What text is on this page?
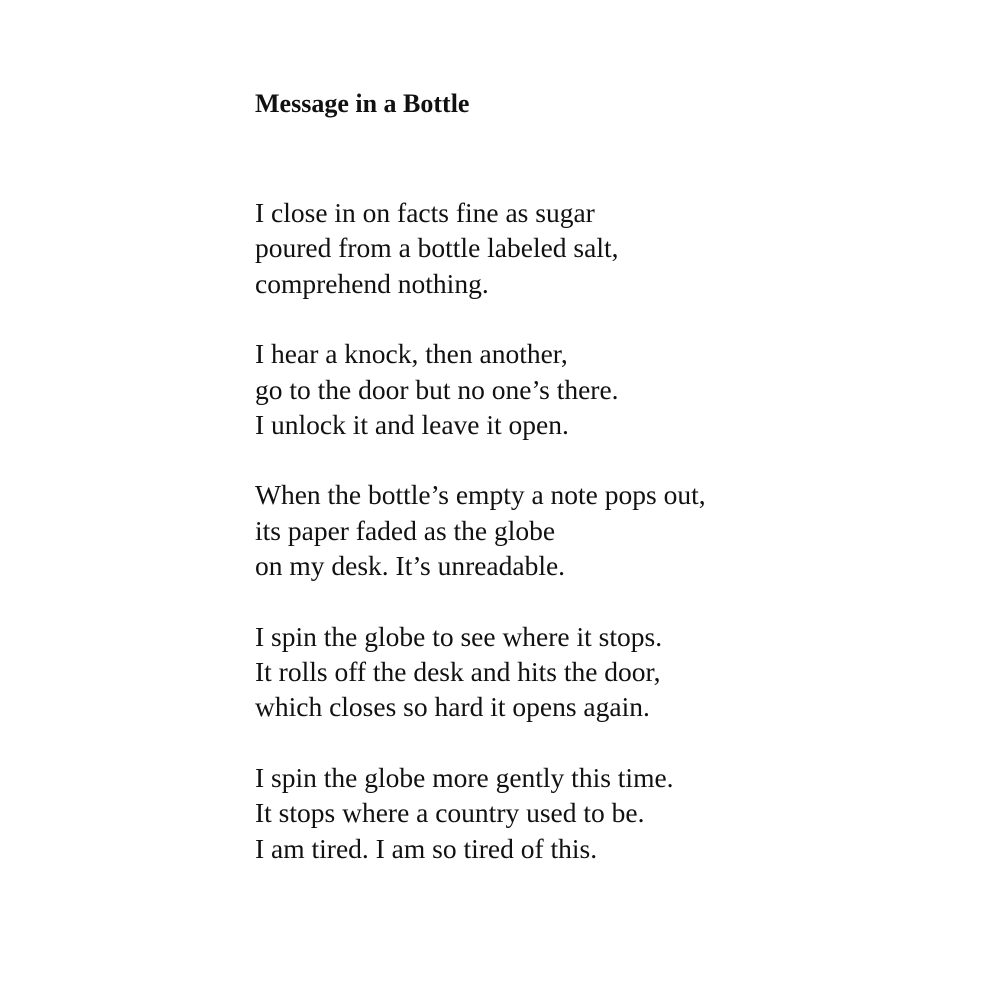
Message in a Bottle
I close in on facts fine as sugar
poured from a bottle labeled salt,
comprehend nothing.
I hear a knock, then another,
go to the door but no one’s there.
I unlock it and leave it open.
When the bottle’s empty a note pops out,
its paper faded as the globe
on my desk. It’s unreadable.
I spin the globe to see where it stops.
It rolls off the desk and hits the door,
which closes so hard it opens again.
I spin the globe more gently this time.
It stops where a country used to be.
I am tired. I am so tired of this.
